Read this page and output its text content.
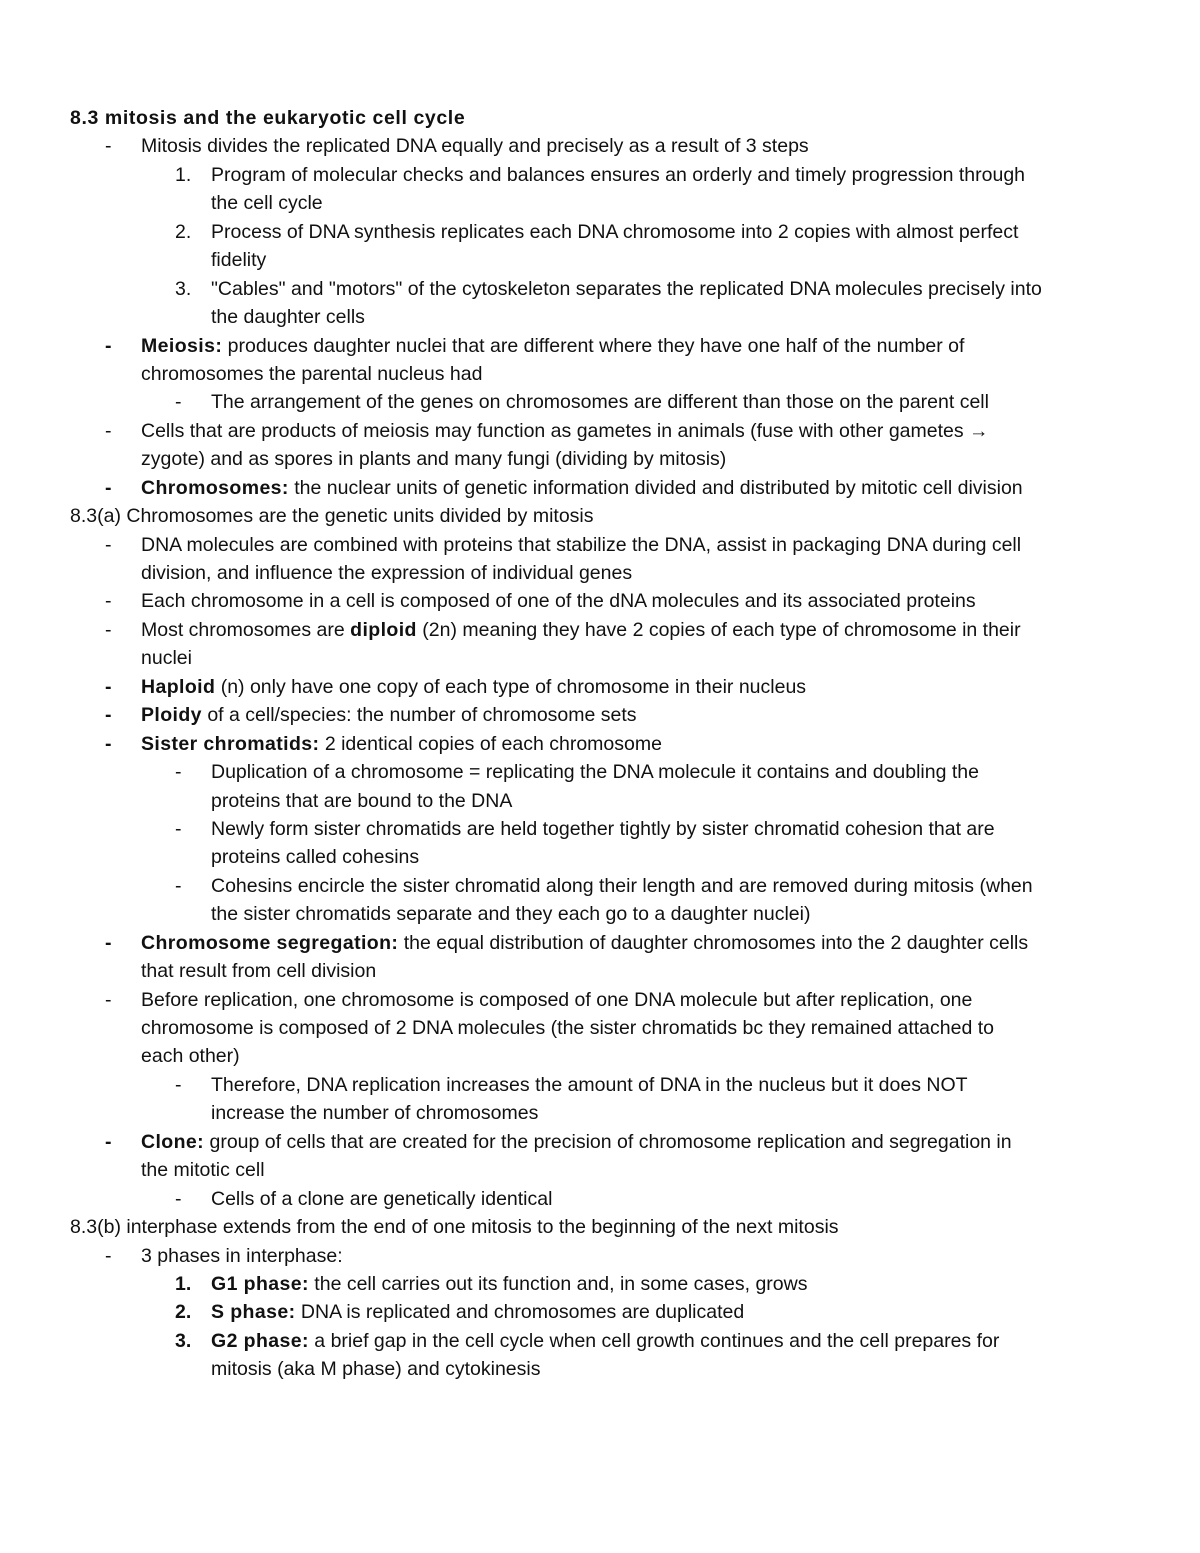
8.3 mitosis and the eukaryotic cell cycle
- Mitosis divides the replicated DNA equally and precisely as a result of 3 steps
1. Program of molecular checks and balances ensures an orderly and timely progression through
the cell cycle
2. Process of DNA synthesis replicates each DNA chromosome into 2 copies with almost perfect
fidelity
3. "Cables" and "motors" of the cytoskeleton separates the replicated DNA molecules precisely into
the daughter cells
- Meiosis: produces daughter nuclei that are different where they have one half of the number of
chromosomes the parental nucleus had
- The arrangement of the genes on chromosomes are different than those on the parent cell
- Cells that are products of meiosis may function as gametes in animals (fuse with other gametes →
zygote) and as spores in plants and many fungi (dividing by mitosis)
- Chromosomes: the nuclear units of genetic information divided and distributed by mitotic cell division
8.3(a) Chromosomes are the genetic units divided by mitosis
- DNA molecules are combined with proteins that stabilize the DNA, assist in packaging DNA during cell
division, and influence the expression of individual genes
- Each chromosome in a cell is composed of one of the dNA molecules and its associated proteins
- Most chromosomes are diploid (2n) meaning they have 2 copies of each type of chromosome in their
nuclei
- Haploid (n) only have one copy of each type of chromosome in their nucleus
- Ploidy of a cell/species: the number of chromosome sets
- Sister chromatids: 2 identical copies of each chromosome
- Duplication of a chromosome = replicating the DNA molecule it contains and doubling the
proteins that are bound to the DNA
- Newly form sister chromatids are held together tightly by sister chromatid cohesion that are
proteins called cohesins
- Cohesins encircle the sister chromatid along their length and are removed during mitosis (when
the sister chromatids separate and they each go to a daughter nuclei)
- Chromosome segregation: the equal distribution of daughter chromosomes into the 2 daughter cells
that result from cell division
- Before replication, one chromosome is composed of one DNA molecule but after replication, one
chromosome is composed of 2 DNA molecules (the sister chromatids bc they remained attached to
each other)
- Therefore, DNA replication increases the amount of DNA in the nucleus but it does NOT
increase the number of chromosomes
- Clone: group of cells that are created for the precision of chromosome replication and segregation in
the mitotic cell
- Cells of a clone are genetically identical
8.3(b) interphase extends from the end of one mitosis to the beginning of the next mitosis
- 3 phases in interphase:
1. G1 phase: the cell carries out its function and, in some cases, grows
2. S phase: DNA is replicated and chromosomes are duplicated
3. G2 phase: a brief gap in the cell cycle when cell growth continues and the cell prepares for
mitosis (aka M phase) and cytokinesis
